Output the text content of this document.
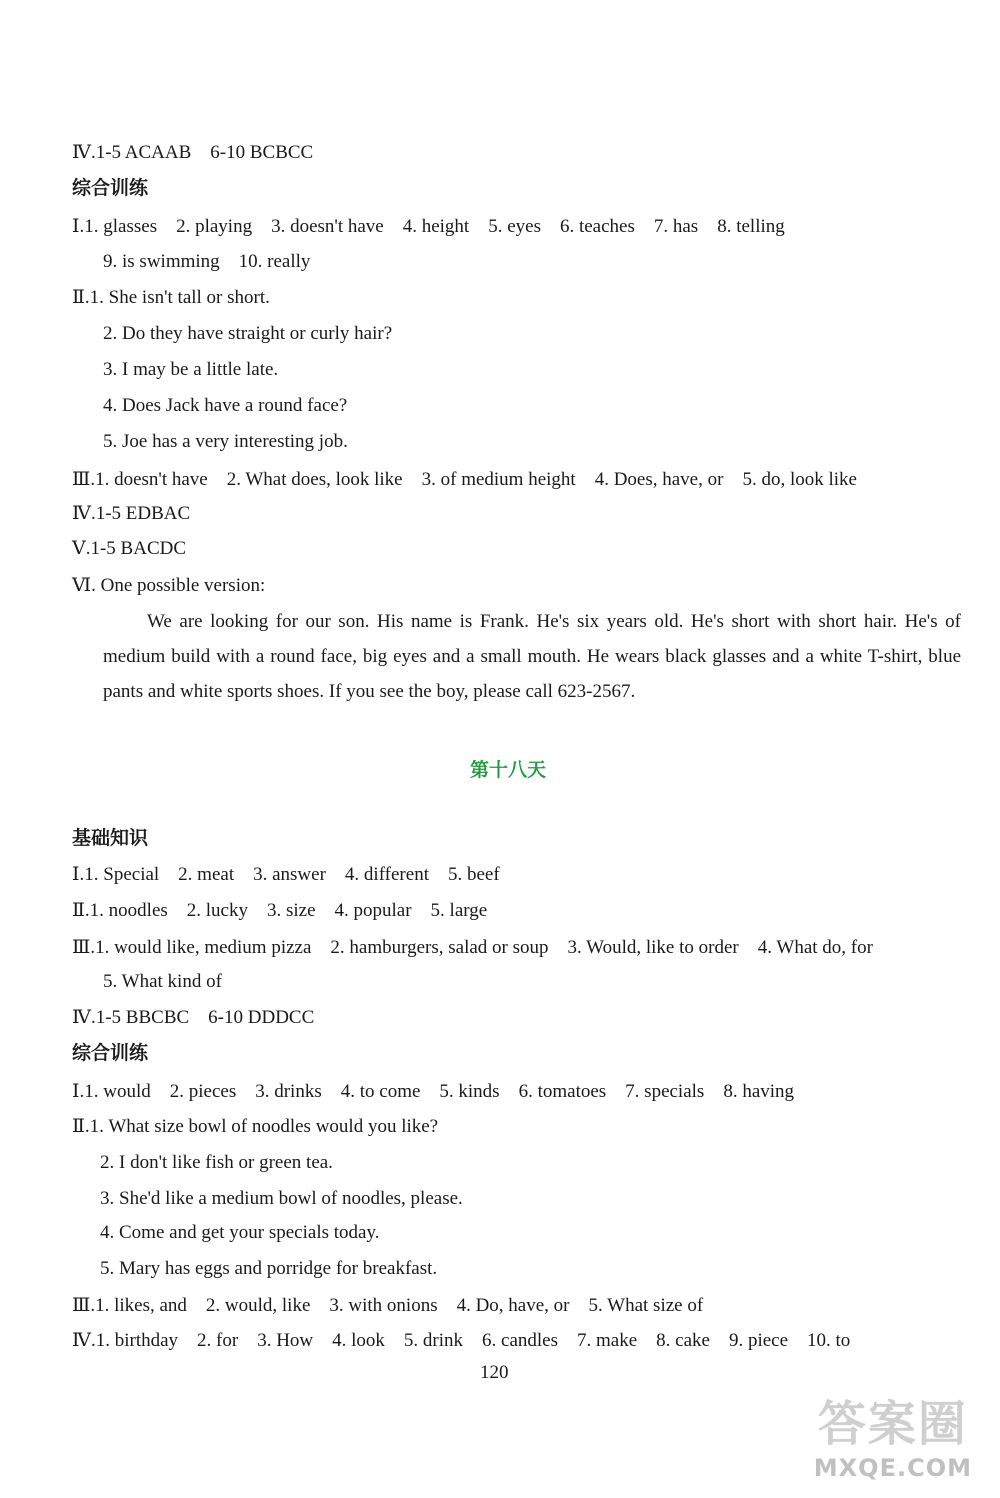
Ⅳ.1-5 ACAAB　6-10 BCBCC
综合训练
Ⅰ.1. glasses　2. playing　3. doesn't have　4. height　5. eyes　6. teaches　7. has　8. telling
9. is swimming　10. really
Ⅱ.1. She isn't tall or short.
2. Do they have straight or curly hair?
3. I may be a little late.
4. Does Jack have a round face?
5. Joe has a very interesting job.
Ⅲ.1. doesn't have　2. What does, look like　3. of medium height　4. Does, have, or　5. do, look like
Ⅳ.1-5 EDBAC
Ⅴ.1-5 BACDC
Ⅵ. One possible version:
We are looking for our son. His name is Frank. He's six years old. He's short with short hair. He's of medium build with a round face, big eyes and a small mouth. He wears black glasses and a white T-shirt, blue pants and white sports shoes. If you see the boy, please call 623-2567.
第十八天
基础知识
Ⅰ.1. Special　2. meat　3. answer　4. different　5. beef
Ⅱ.1. noodles　2. lucky　3. size　4. popular　5. large
Ⅲ.1. would like, medium pizza　2. hamburgers, salad or soup　3. Would, like to order　4. What do, for
5. What kind of
Ⅳ.1-5 BBCBC　6-10 DDDCC
综合训练
Ⅰ.1. would　2. pieces　3. drinks　4. to come　5. kinds　6. tomatoes　7. specials　8. having
Ⅱ.1. What size bowl of noodles would you like?
2. I don't like fish or green tea.
3. She'd like a medium bowl of noodles, please.
4. Come and get your specials today.
5. Mary has eggs and porridge for breakfast.
Ⅲ.1. likes, and　2. would, like　3. with onions　4. Do, have, or　5. What size of
Ⅳ.1. birthday　2. for　3. How　4. look　5. drink　6. candles　7. make　8. cake　9. piece　10. to
120
答案圈
MXQE.COM
